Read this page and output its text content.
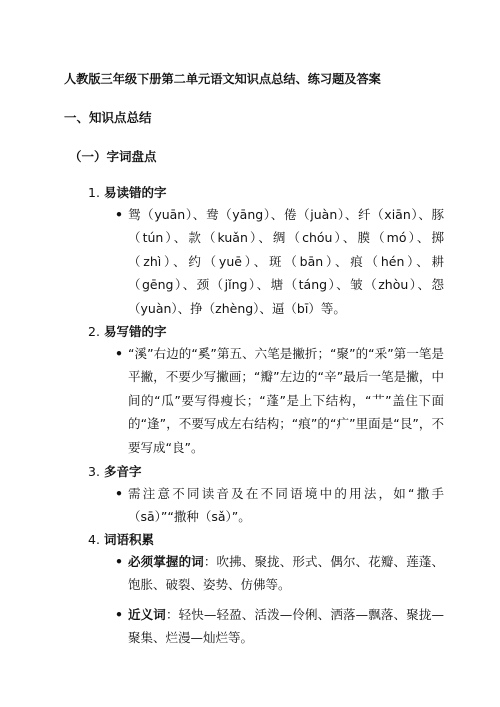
人教版三年级下册第二单元语文知识点总结、练习题及答案
一、知识点总结
（一）字词盘点
1. 易读错的字
• 鸳（yuān）、鸯（yāng）、倦（juàn）、纤（xiān）、豚（tún）、款（kuǎn）、绸（chóu）、膜（mó）、掷（zhì）、约（yuē）、斑（bān）、痕（hén）、耕（gēng）、颈（jǐng）、塘（táng）、皱（zhòu）、怨（yuàn）、挣（zhèng）、逼（bī）等。
2. 易写错的字
• “溪”右边的“奚”第五、六笔是撇折；“聚”的“釆”第一笔是平撇，不要少写撇画；“瓣”左边的“辛”最后一笔是撇，中间的“瓜”要写得瘦长；“蓬”是上下结构，“艹”盖住下面的“逢”，不要写成左右结构；“痕”的“疒”里面是“艮”，不要写成“良”。
3. 多音字
• 需注意不同读音及在不同语境中的用法，如“撒手（sā）”“撒种（sǎ）”。
4. 词语积累
• 必须掌握的词：吹拂、聚拢、形式、偶尔、花瓣、莲蓬、饱胀、破裂、姿势、仿佛等。
• 近义词：轻快—轻盈、活泼—伶俐、洒落—飘落、聚拢—聚集、烂漫—灿烂等。
